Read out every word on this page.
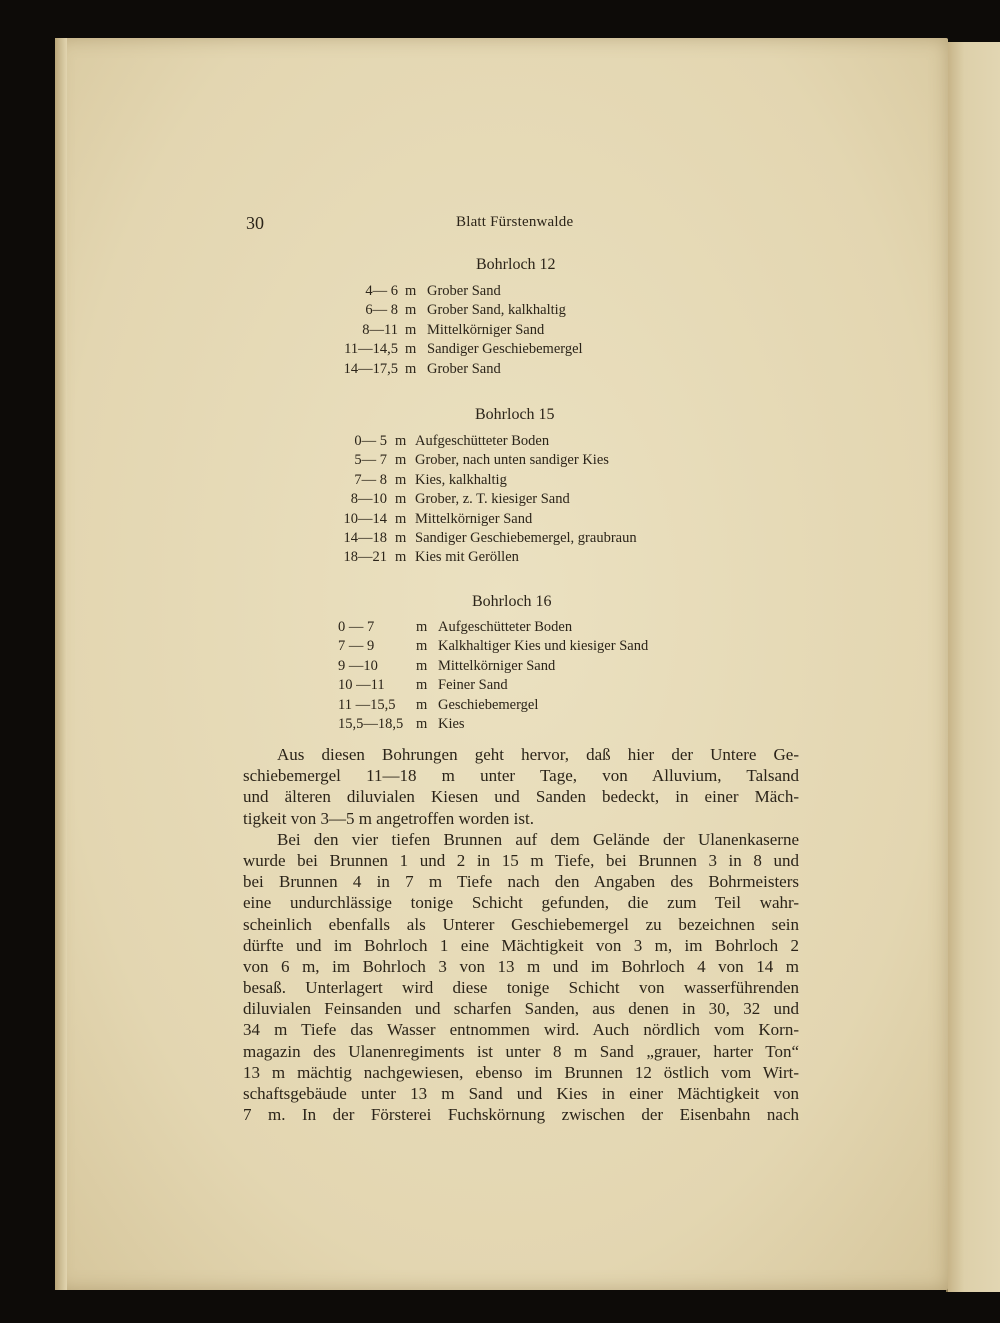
30	Blatt Fürstenwalde
Bohrloch 12
4— 6 m Grober Sand
6— 8 m Grober Sand, kalkhaltig
8—11 m Mittelkörniger Sand
11—14,5 m Sandiger Geschiebemergel
14—17,5 m Grober Sand
Bohrloch 15
0— 5 m Aufgeschütteter Boden
5— 7 m Grober, nach unten sandiger Kies
7— 8 m Kies, kalkhaltig
8—10 m Grober, z. T. kiesiger Sand
10—14 m Mittelkörniger Sand
14—18 m Sandiger Geschiebemergel, graubraun
18—21 m Kies mit Geröllen
Bohrloch 16
0 — 7	m Aufgeschütteter Boden
7 — 9	m Kalkhaltiger Kies und kiesiger Sand
9 —10	m Mittelkörniger Sand
10 —11 m Feiner Sand
11 —15,5 m Geschiebemergel
15,5—18,5 m Kies
Aus diesen Bohrungen geht hervor, daß hier der Untere Ge-
schiebemergel 11—18 m unter Tage, von Alluvium, Talsand
und älteren diluvialen Kiesen und Sanden bedeckt, in einer Mäch-
tigkeit von 3—5 m angetroffen worden ist.
Bei den vier tiefen Brunnen auf dem Gelände der Ulanenkaserne
wurde bei Brunnen 1 und 2 in 15 m Tiefe, bei Brunnen 3 in 8 und
bei Brunnen 4 in 7 m Tiefe nach den Angaben des Bohrmeisters
eine undurchlässige tonige Schicht gefunden, die zum Teil wahr-
scheinlich ebenfalls als Unterer Geschiebemergel zu bezeichnen sein
dürfte und im Bohrloch 1 eine Mächtigkeit von 3 m, im Bohrloch 2
von 6 m, im Bohrloch 3 von 13 m und im Bohrloch 4 von 14 m
besaß. Unterlagert wird diese tonige Schicht von wasserführenden
diluvialen Feinsanden und scharfen Sanden, aus denen in 30, 32 und
34 m Tiefe das Wasser entnommen wird. Auch nördlich vom Korn-
magazin des Ulanenregiments ist unter 8 m Sand „grauer, harter Ton“
13 m mächtig nachgewiesen, ebenso im Brunnen 12 östlich vom Wirt-
schaftsgebäude unter 13 m Sand und Kies in einer Mächtigkeit von
7 m. In der Försterei Fuchskörnung zwischen der Eisenbahn nach
